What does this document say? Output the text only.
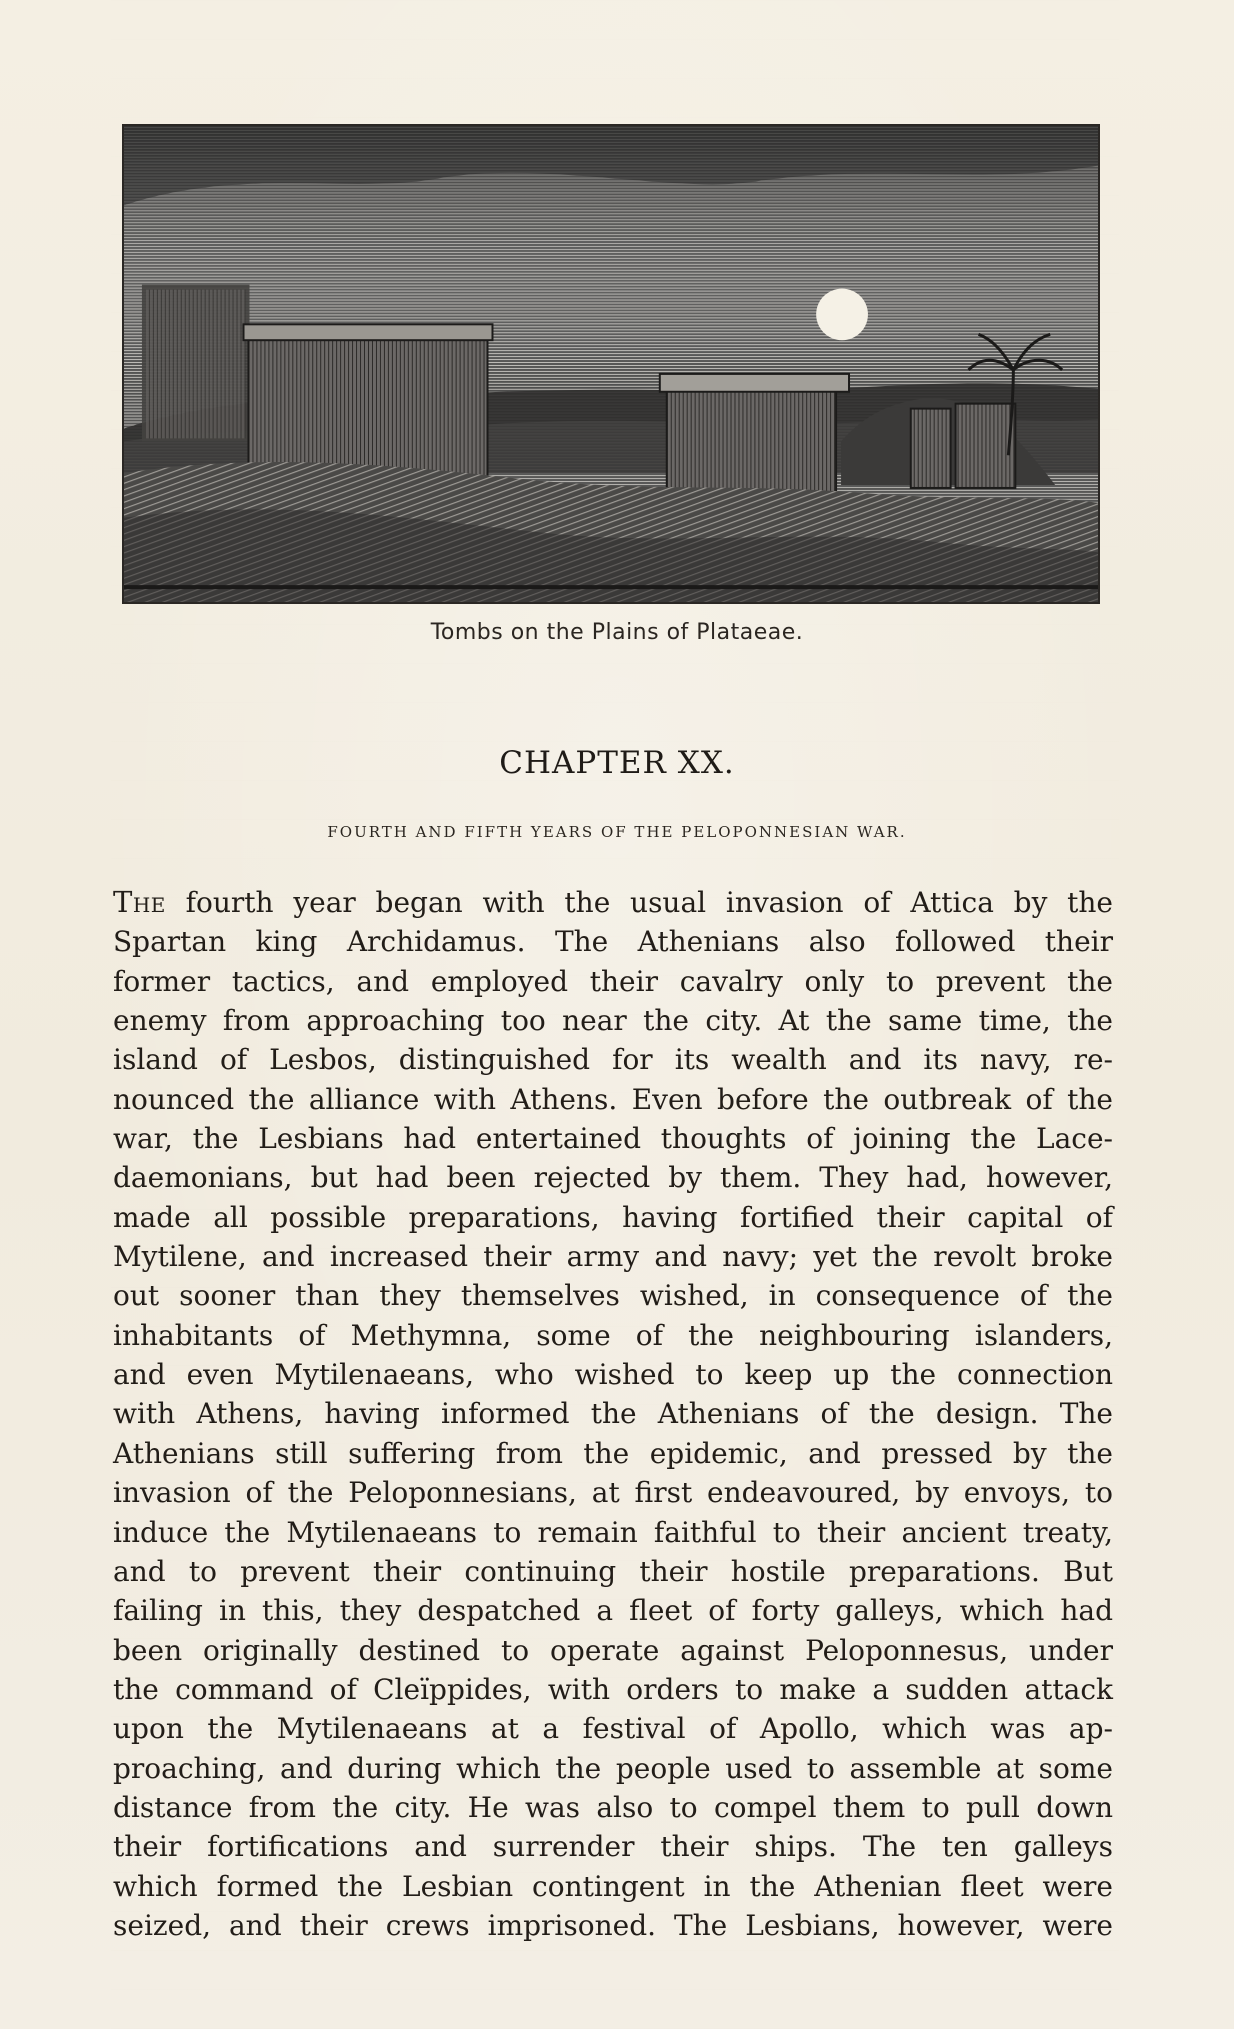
Tombs on the Plains of Plataeae.
CHAPTER XX.
FOURTH AND FIFTH YEARS OF THE PELOPONNESIAN WAR.
The fourth year began with the usual invasion of Attica by the
Spartan king Archidamus. The Athenians also followed their
former tactics, and employed their cavalry only to prevent the
enemy from approaching too near the city. At the same time, the
island of Lesbos, distinguished for its wealth and its navy, re-
nounced the alliance with Athens. Even before the outbreak of the
war, the Lesbians had entertained thoughts of joining the Lace-
daemonians, but had been rejected by them. They had, however,
made all possible preparations, having fortified their capital of
Mytilene, and increased their army and navy; yet the revolt broke
out sooner than they themselves wished, in consequence of the
inhabitants of Methymna, some of the neighbouring islanders,
and even Mytilenaeans, who wished to keep up the connection
with Athens, having informed the Athenians of the design. The
Athenians still suffering from the epidemic, and pressed by the
invasion of the Peloponnesians, at first endeavoured, by envoys, to
induce the Mytilenaeans to remain faithful to their ancient treaty,
and to prevent their continuing their hostile preparations. But
failing in this, they despatched a fleet of forty galleys, which had
been originally destined to operate against Peloponnesus, under
the command of Cleïppides, with orders to make a sudden attack
upon the Mytilenaeans at a festival of Apollo, which was ap-
proaching, and during which the people used to assemble at some
distance from the city. He was also to compel them to pull down
their fortifications and surrender their ships. The ten galleys
which formed the Lesbian contingent in the Athenian fleet were
seized, and their crews imprisoned. The Lesbians, however, were
